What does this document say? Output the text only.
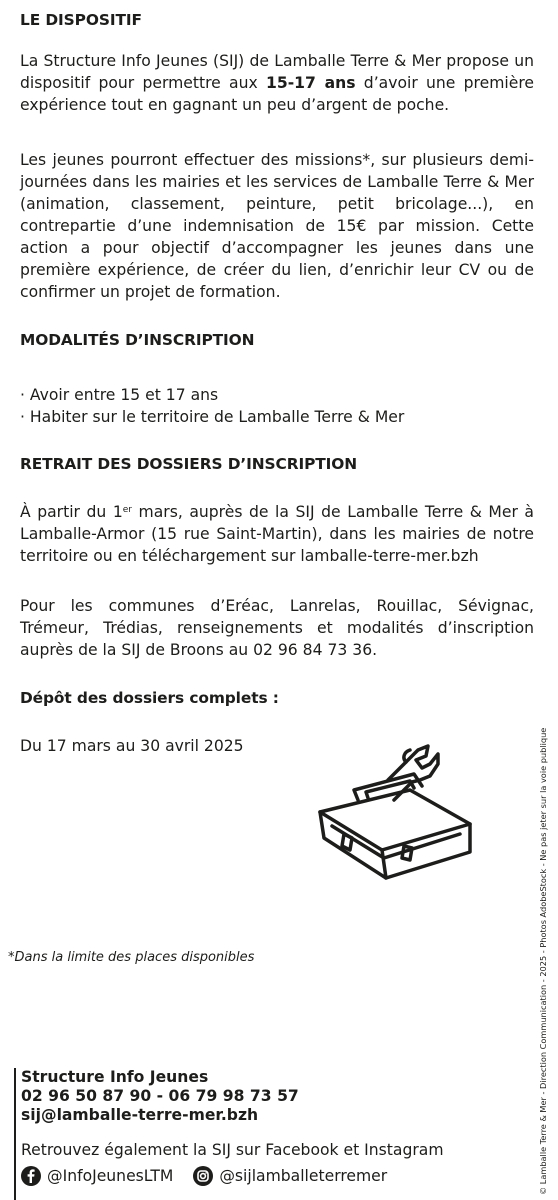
LE DISPOSITIF

La Structure Info Jeunes (SIJ) de Lamballe Terre & Mer propose un dispositif pour permettre aux 15-17 ans d’avoir une première expérience tout en gagnant un peu d’argent de poche.

Les jeunes pourront effectuer des missions*, sur plusieurs demi-journées dans les mairies et les services de Lamballe Terre & Mer (animation, classement, peinture, petit bricolage...), en contrepartie d’une indemnisation de 15€ par mission. Cette action a pour objectif d’accompagner les jeunes dans une première expérience, de créer du lien, d’enrichir leur CV ou de confirmer un projet de formation.

MODALITÉS D’INSCRIPTION

· Avoir entre 15 et 17 ans

· Habiter sur le territoire de Lamballe Terre & Mer

RETRAIT DES DOSSIERS D’INSCRIPTION

À partir du 1er mars, auprès de la SIJ de Lamballe Terre & Mer à Lamballe-Armor (15 rue Saint-Martin), dans les mairies de notre territoire ou en téléchargement sur lamballe-terre-mer.bzh

Pour les communes d’Eréac, Lanrelas, Rouillac, Sévignac, Trémeur, Trédias, renseignements et modalités d’inscription auprès de la SIJ de Broons au 02 96 84 73 36.

Dépôt des dossiers complets :

Du 17 mars au 30 avril 2025

*Dans la limite des places disponibles

Structure Info Jeunes

02 96 50 87 90 - 06 79 98 73 57

sij@lamballe-terre-mer.bzh

Retrouvez également la SIJ sur Facebook et Instagram
@InfoJeunesLTM	@sijlamballeterremer	© Lamballe Terre & Mer - Direction Communication - 2025 - Photos AdobeStock - Ne pas jeter sur la voie publique
